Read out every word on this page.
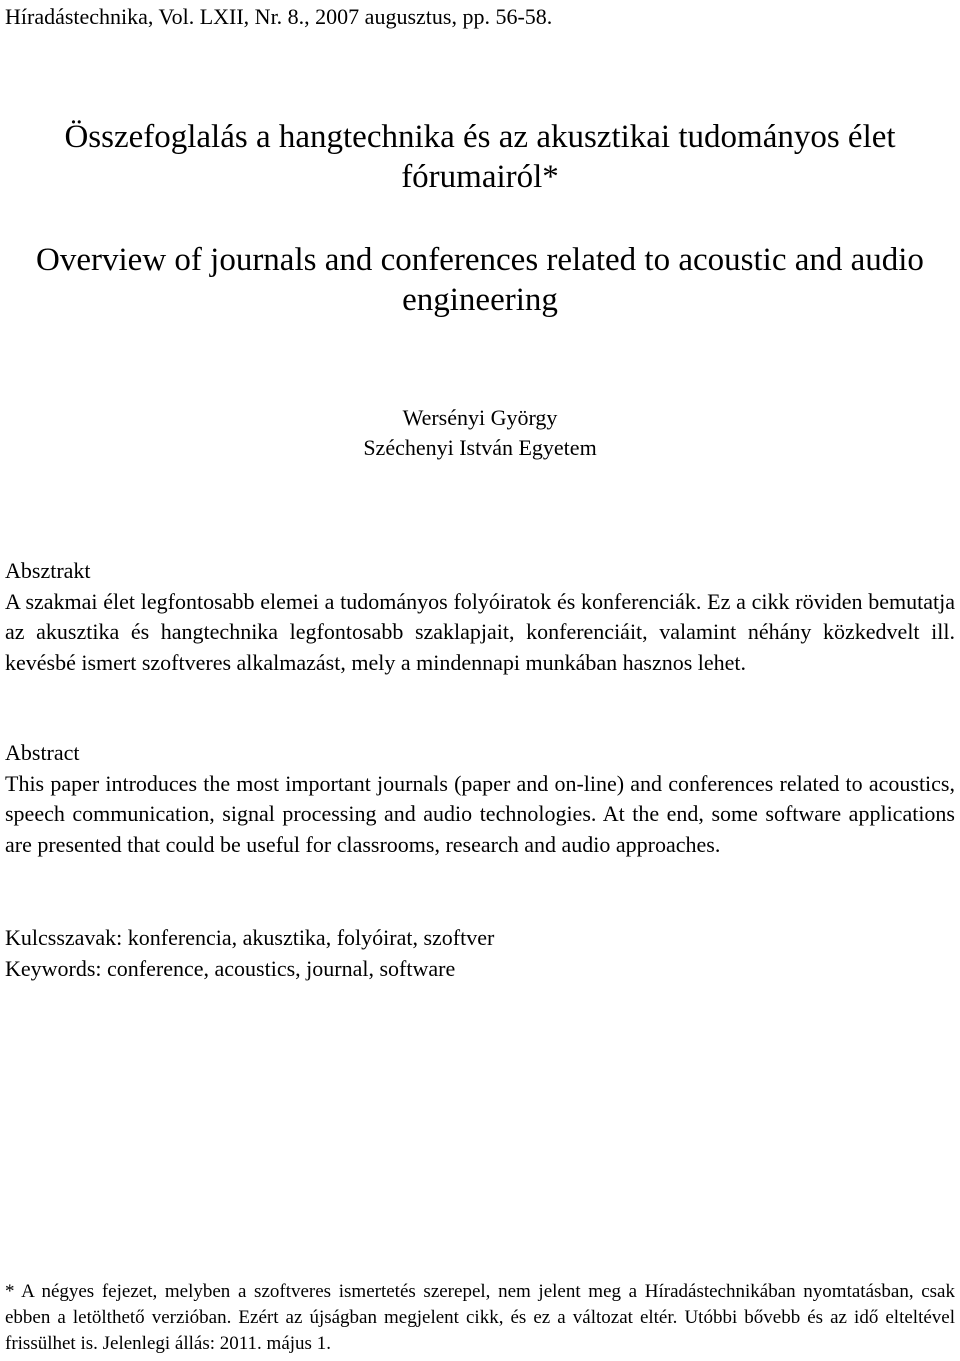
Híradástechnika, Vol. LXII, Nr. 8., 2007 augusztus, pp. 56-58.
Összefoglalás a hangtechnika és az akusztikai tudományos élet
fórumairól*
Overview of journals and conferences related to acoustic and audio
engineering
Wersényi György
Széchenyi István Egyetem
Absztrakt

A szakmai élet legfontosabb elemei a tudományos folyóiratok és konferenciák. Ez a cikk röviden bemutatja az akusztika és hangtechnika legfontosabb szaklapjait, konferenciáit, valamint néhány közkedvelt ill. kevésbé ismert szoftveres alkalmazást, mely a mindennapi munkában hasznos lehet.

Abstract

This paper introduces the most important journals (paper and on-line) and conferences related to acoustics, speech communication, signal processing and audio technologies. At the end, some software applications are presented that could be useful for classrooms, research and audio approaches.

Kulcsszavak: konferencia, akusztika, folyóirat, szoftver
Keywords: conference, acoustics, journal, software

* A négyes fejezet, melyben a szoftveres ismertetés szerepel, nem jelent meg a Híradástechnikában nyomtatásban, csak ebben a letölthető verzióban. Ezért az újságban megjelent cikk, és ez a változat eltér. Utóbbi bővebb és az idő elteltével frissülhet is. Jelenlegi állás: 2011. május 1.
